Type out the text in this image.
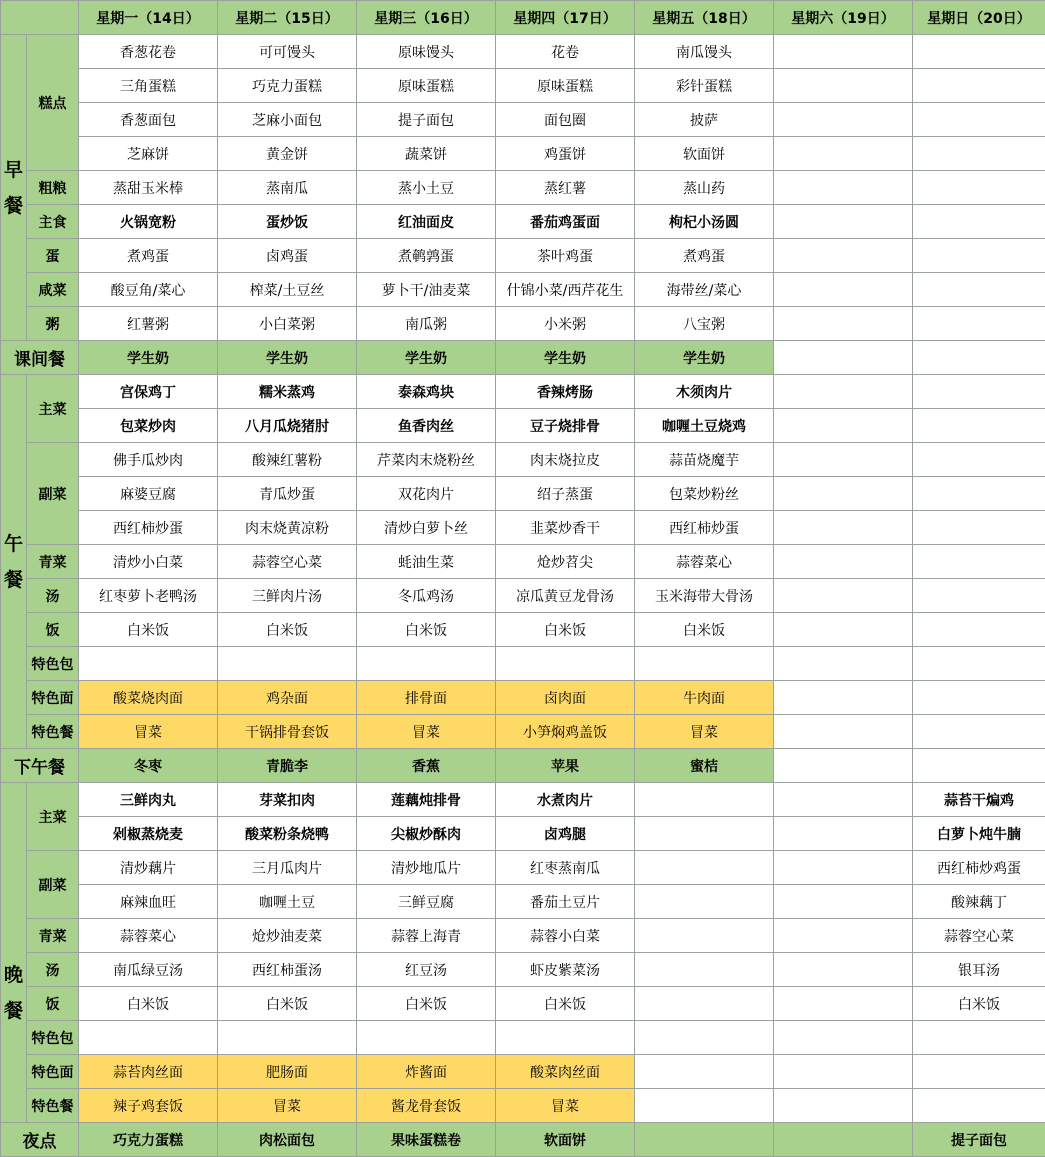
		星期一（14日）	星期二（15日）	星期三（16日）	星期四（17日）	星期五（18日）	星期六（19日）	星期日（20日）

早
餐	糕点	香葱花卷	可可馒头	原味馒头	花卷	南瓜馒头		
		三角蛋糕	巧克力蛋糕	原味蛋糕	原味蛋糕	彩针蛋糕		
		香葱面包	芝麻小面包	提子面包	面包圈	披萨		
		芝麻饼	黄金饼	蔬菜饼	鸡蛋饼	软面饼		
	粗粮	蒸甜玉米棒	蒸南瓜	蒸小土豆	蒸红薯	蒸山药		
	主食	火锅宽粉	蛋炒饭	红油面皮	番茄鸡蛋面	枸杞小汤圆		
	蛋	煮鸡蛋	卤鸡蛋	煮鹌鹑蛋	茶叶鸡蛋	煮鸡蛋		
	咸菜	酸豆角/菜心	榨菜/土豆丝	萝卜干/油麦菜	什锦小菜/西芹花生	海带丝/菜心		
	粥	红薯粥	小白菜粥	南瓜粥	小米粥	八宝粥		
课间餐		学生奶	学生奶	学生奶	学生奶	学生奶		

午
餐	主菜	宫保鸡丁	糯米蒸鸡	泰森鸡块	香辣烤肠	木须肉片		
		包菜炒肉	八月瓜烧猪肘	鱼香肉丝	豆子烧排骨	咖喱土豆烧鸡		
	副菜	佛手瓜炒肉	酸辣红薯粉	芹菜肉末烧粉丝	肉末烧拉皮	蒜苗烧魔芋		
		麻婆豆腐	青瓜炒蛋	双花肉片	绍子蒸蛋	包菜炒粉丝		
		西红柿炒蛋	肉末烧黄凉粉	清炒白萝卜丝	韭菜炒香干	西红柿炒蛋		
	青菜	清炒小白菜	蒜蓉空心菜	蚝油生菜	炝炒苕尖	蒜蓉菜心		
	汤	红枣萝卜老鸭汤	三鲜肉片汤	冬瓜鸡汤	凉瓜黄豆龙骨汤	玉米海带大骨汤		
	饭	白米饭	白米饭	白米饭	白米饭	白米饭		
	特色包							
	特色面	酸菜烧肉面	鸡杂面	排骨面	卤肉面	牛肉面		
	特色餐	冒菜	干锅排骨套饭	冒菜	小笋焖鸡盖饭	冒菜		
下午餐		冬枣	青脆李	香蕉	苹果	蜜桔		

晚
餐	主菜	三鲜肉丸	芽菜扣肉	莲藕炖排骨	水煮肉片			蒜苔干煸鸡
		剁椒蒸烧麦	酸菜粉条烧鸭	尖椒炒酥肉	卤鸡腿			白萝卜炖牛腩
	副菜	清炒藕片	三月瓜肉片	清炒地瓜片	红枣蒸南瓜			西红柿炒鸡蛋
		麻辣血旺	咖喱土豆	三鲜豆腐	番茄土豆片			酸辣藕丁
	青菜	蒜蓉菜心	炝炒油麦菜	蒜蓉上海青	蒜蓉小白菜			蒜蓉空心菜
	汤	南瓜绿豆汤	西红柿蛋汤	红豆汤	虾皮紫菜汤			银耳汤
	饭	白米饭	白米饭	白米饭	白米饭			白米饭
	特色包							
	特色面	蒜苔肉丝面	肥肠面	炸酱面	酸菜肉丝面			
	特色餐	辣子鸡套饭	冒菜	酱龙骨套饭	冒菜			
夜点		巧克力蛋糕	肉松面包	果味蛋糕卷	软面饼			提子面包
